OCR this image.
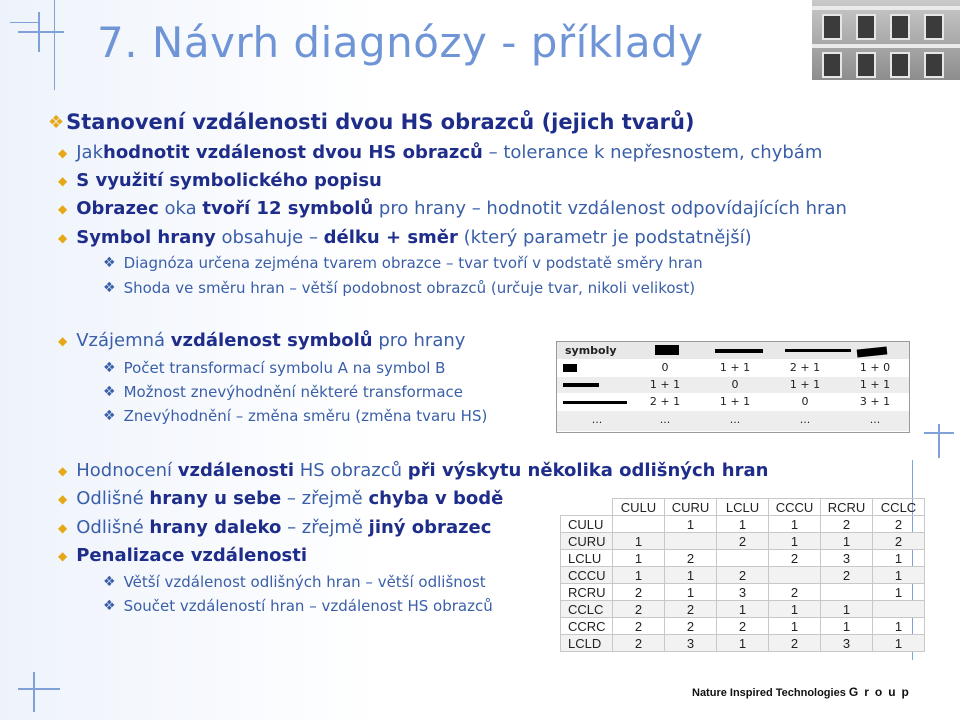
7. Návrh diagnózy - příklady
❖ Stanovení vzdálenosti dvou HS obrazců (jejich tvarů)
◆ Jak hodnotit vzdálenost dvou HS obrazců – tolerance k nepřesnostem, chybám
◆ S využití symbolického popisu
◆ Obrazec oka tvoří 12 symbolů pro hrany – hodnotit vzdálenost odpovídajících hran
◆ Symbol hrany obsahuje – délku + směr (který parametr je podstatnější)
❖ Diagnóza určena zejména tvarem obrazce – tvar tvoří v podstatě směry hran
❖ Shoda ve směru hran – větší podobnost obrazců (určuje tvar, nikoli velikost)
◆ Vzájemná vzdálenost symbolů pro hrany
❖ Počet transformací symbolu A na symbol B
❖ Možnost znevýhodnění některé transformace
❖ Znevýhodnění – změna směru (změna tvaru HS)
◆ Hodnocení vzdálenosti HS obrazců při výskytu několika odlišných hran
◆ Odlišné hrany u sebe – zřejmě chyba v bodě
◆ Odlišné hrany daleko – zřejmě jiný obrazec
◆ Penalizace vzdálenosti
❖ Větší vzdálenost odlišných hran – větší odlišnost
❖ Součet vzdáleností hran – vzdálenost HS obrazců
symboly
0	1 + 1	2 + 1	1 + 0
1 + 1	0	1 + 1	1 + 1
2 + 1	1 + 1	0	3 + 1
...	...	...	...	...
	CULU	CURU	LCLU	CCCU	RCRU	CCLC
CULU		1	1	1	2	2
CURU	1		2	1	1	2
LCLU	1	2		2	3	1
CCCU	1	1	2		2	1
RCRU	2	1	3	2		1
CCLC	2	2	1	1	1	
CCRC	2	2	2	1	1	1
LCLD	2	3	1	2	3	1
Nature Inspired Technologies Group
